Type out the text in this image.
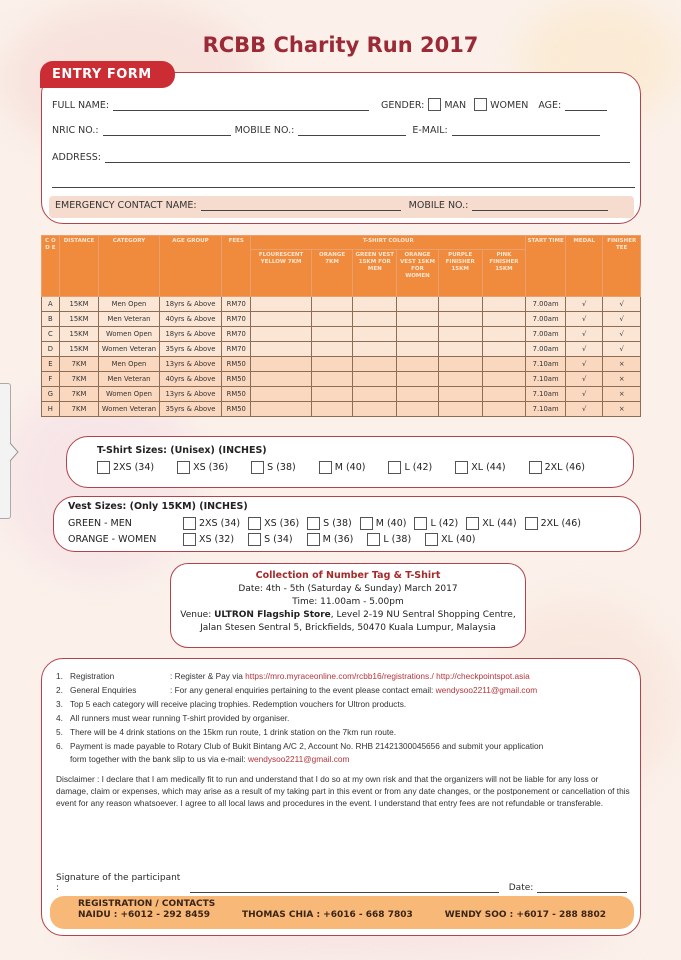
RCBB Charity Run 2017
ENTRY FORM
FULL NAME:	GENDER: MAN	WOMEN AGE:
NRIC NO.:	MOBILE NO.:	E-MAIL:
ADDRESS:
EMERGENCY CONTACT NAME:	MOBILE NO.:
C O D E	DISTANCE	CATEGORY	AGE GROUP	FEES	T-SHIRT COLOUR						START TIME	MEDAL	FINISHER TEE
					FLOURESCENT YELLOW 7KM	ORANGE 7KM	GREEN VEST 15KM FOR MEN	ORANGE VEST 15KM FOR WOMEN	PURPLE FINISHER 15KM	PINK FINISHER 15KM			
A	15KM	Men Open	18yrs & Above	RM70							7.00am	√	√
B	15KM	Men Veteran	40yrs & Above	RM70							7.00am	√	√
C	15KM	Women Open	18yrs & Above	RM70							7.00am	√	√
D	15KM	Women Veteran	35yrs & Above	RM70							7.00am	√	√
E	7KM	Men Open	13yrs & Above	RM50							7.10am	√	×
F	7KM	Men Veteran	40yrs & Above	RM50							7.10am	√	×
G	7KM	Women Open	13yrs & Above	RM50							7.10am	√	×
H	7KM	Women Veteran	35yrs & Above	RM50							7.10am	√	×
T-Shirt Sizes: (Unisex) (INCHES)
2XS (34)	XS (36)	S (38)	M (40)	L (42)	XL (44)	2XL (46)
Vest Sizes: (Only 15KM) (INCHES)
GREEN - MEN	2XS (34)	XS (36)	S (38)	M (40)	L (42)	XL (44)	2XL (46)
ORANGE - WOMEN	XS (32)	S (34)	M (36)	L (38)	XL (40)
Collection of Number Tag & T-Shirt
Date: 4th - 5th (Saturday & Sunday) March 2017
Time: 11.00am - 5.00pm
Venue: ULTRON Flagship Store, Level 2-19 NU Sentral Shopping Centre,
Jalan Stesen Sentral 5, Brickfields, 50470 Kuala Lumpur, Malaysia
1. Registration	: Register & Pay via https://mro.myraceonline.com/rcbb16/registrations./ http://checkpointspot.asia
2. General Enquiries	: For any general enquiries pertaining to the event please contact email: wendysoo2211@gmail.com
3. Top 5 each category will receive placing trophies. Redemption vouchers for Ultron products.
4. All runners must wear running T-shirt provided by organiser.
5. There will be 4 drink stations on the 15km run route, 1 drink station on the 7km run route.
6. Payment is made payable to Rotary Club of Bukit Bintang A/C 2, Account No. RHB 21421300045656 and submit your application
form together with the bank slip to us via e-mail: wendysoo2211@gmail.com
Disclaimer : I declare that I am medically fit to run and understand that I do so at my own risk and that the organizers will not be liable for any loss or damage, claim or expenses, which may arise as a result of my taking part in this event or from any date changes, or the postponement or cancellation of this event for any reason whatsoever. I agree to all local laws and procedures in the event. I understand that entry fees are not refundable or transferable.
Signature of the participant :	Date:
REGISTRATION / CONTACTS
NAIDU : +6012 - 292 8459	THOMAS CHIA : +6016 - 668 7803	WENDY SOO : +6017 - 288 8802
